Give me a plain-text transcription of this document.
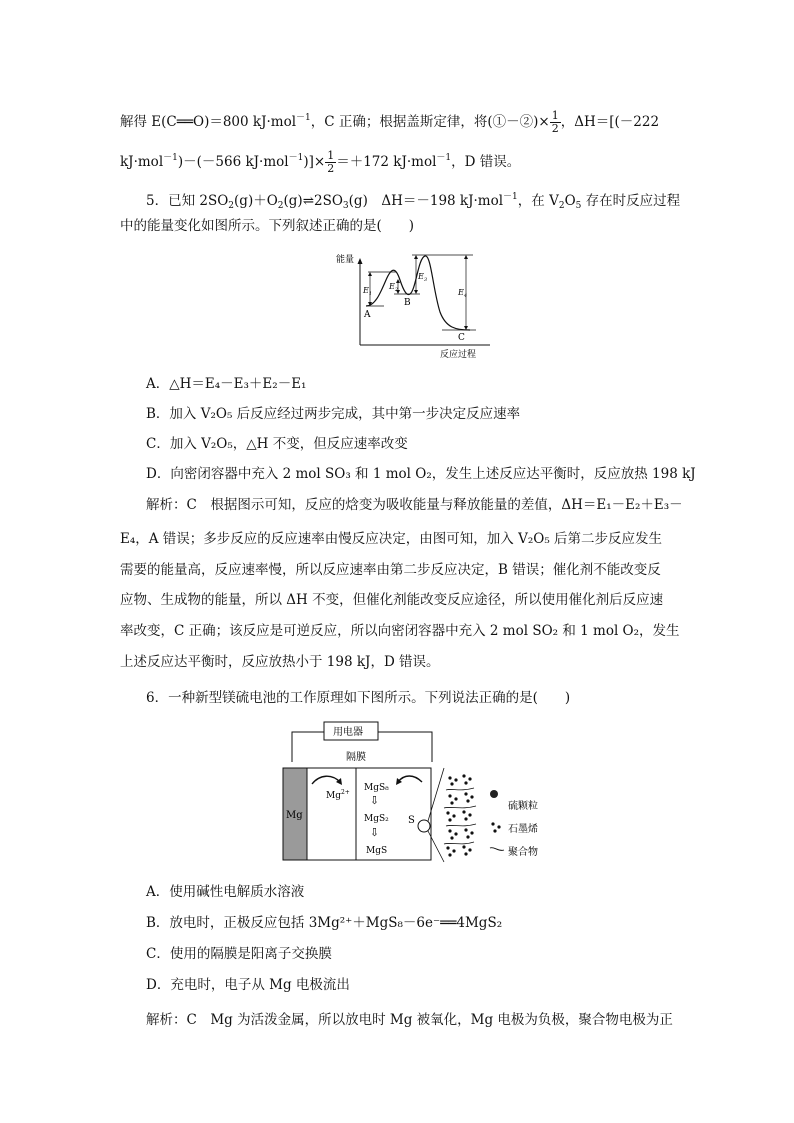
解得 E(C══O)＝800 kJ·mol$^{-1}$，C 正确；根据盖斯定律，将(①－②)× $\frac{1}{2}$ ，ΔH＝[(－222
kJ·mol$^{-1}$)－(－566 $kJ\cdot mol^{-1})]\times \frac{1}{2} =+172$ kJ·mol$^{-1}$，D 错误。
5．已知 $2SO_2(g)+O_2(g)\rightleftharpoons 2SO_3(g)$　ΔH＝－198 kJ·mol$^{-1}$，在 $V_2O_5$ 存在时反应过程
中的能量变化如图所示。下列叙述正确的是(　　)
能量
反应过程
$E_1$
$E_2$
$E_3$
$E_4$
A
B
C
A．△H＝E₄－E₃＋E₂－E₁
B．加入 V₂O₅ 后反应经过两步完成，其中第一步决定反应速率
C．加入 V₂O₅，△H 不变，但反应速率改变
D．向密闭容器中充入 2 mol SO₃ 和 1 mol O₂，发生上述反应达平衡时，反应放热 198 kJ
解析：C　根据图示可知，反应的焓变为吸收能量与释放能量的差值，ΔH＝E₁－E₂＋E₃－
E₄，A 错误；多步反应的反应速率由慢反应决定，由图可知，加入 V₂O₅ 后第二步反应发生
需要的能量高，反应速率慢，所以反应速率由第二步反应决定，B 错误；催化剂不能改变反
应物、生成物的能量，所以 ΔH 不变，但催化剂能改变反应途径，所以使用催化剂后反应速
率改变，C 正确；该反应是可逆反应，所以向密闭容器中充入 2 mol SO₂ 和 1 mol O₂，发生
上述反应达平衡时，反应放热小于 198 kJ，D 错误。
6．一种新型镁硫电池的工作原理如下图所示。下列说法正确的是(　　)
用电器
Mg
隔膜
$Mg^{2+}$ MgS₈
⇩
MgS₂
⇩
MgS
S
硫颗粒
石墨烯
聚合物
A．使用碱性电解质水溶液
B．放电时，正极反应包括 3Mg²⁺＋MgS₈－6e⁻══4MgS₂
C．使用的隔膜是阳离子交换膜
D．充电时，电子从 Mg 电极流出
解析：C　Mg 为活泼金属，所以放电时 Mg 被氧化，Mg 电极为负极，聚合物电极为正
